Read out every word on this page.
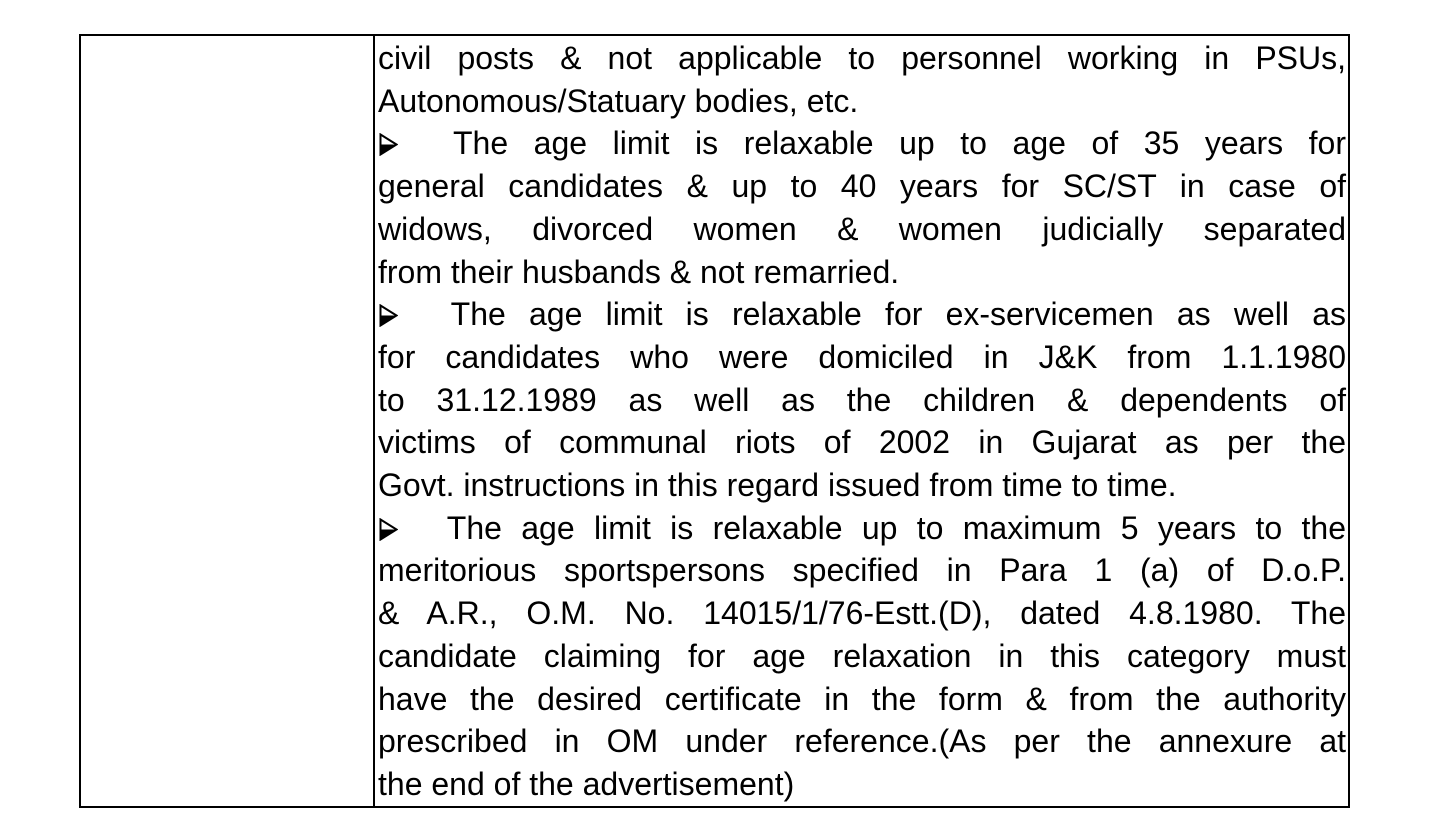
civil posts & not applicable to personnel working in PSUs,
Autonomous/Statuary bodies, etc.
The age limit is relaxable up to age of 35 years for
general candidates & up to 40 years for SC/ST in case of
widows, divorced women & women judicially separated
from their husbands & not remarried.
The age limit is relaxable for ex-servicemen as well as
for candidates who were domiciled in J&K from 1.1.1980
to 31.12.1989 as well as the children & dependents of
victims of communal riots of 2002 in Gujarat as per the
Govt. instructions in this regard issued from time to time.
The age limit is relaxable up to maximum 5 years to the
meritorious sportspersons specified in Para 1 (a) of D.o.P.
& A.R., O.M. No. 14015/1/76-Estt.(D), dated 4.8.1980. The
candidate claiming for age relaxation in this category must
have the desired certificate in the form & from the authority
prescribed in OM under reference.(As per the annexure at
the end of the advertisement)
